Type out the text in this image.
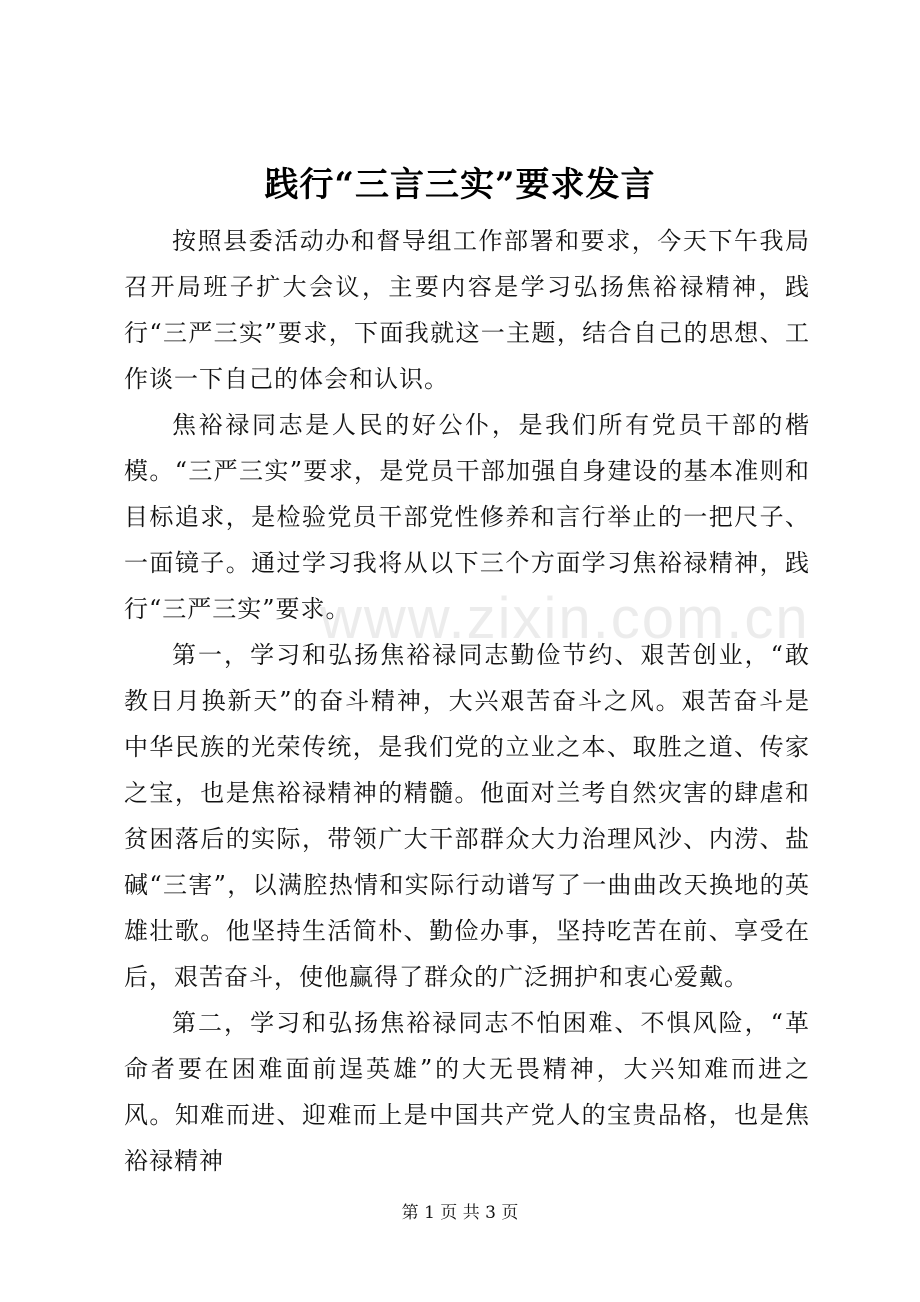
践行“三言三实”要求发言

按照县委活动办和督导组工作部署和要求，今天下午我局召开局班子扩大会议，主要内容是学习弘扬焦裕禄精神，践行“三严三实”要求，下面我就这一主题，结合自己的思想、工作谈一下自己的体会和认识。

焦裕禄同志是人民的好公仆，是我们所有党员干部的楷模。“三严三实”要求，是党员干部加强自身建设的基本准则和目标追求，是检验党员干部党性修养和言行举止的一把尺子、一面镜子。通过学习我将从以下三个方面学习焦裕禄精神，践行“三严三实”要求。

第一，学习和弘扬焦裕禄同志勤俭节约、艰苦创业，“敢教日月换新天”的奋斗精神，大兴艰苦奋斗之风。艰苦奋斗是中华民族的光荣传统，是我们党的立业之本、取胜之道、传家之宝，也是焦裕禄精神的精髓。他面对兰考自然灾害的肆虐和贫困落后的实际，带领广大干部群众大力治理风沙、内涝、盐碱“三害”，以满腔热情和实际行动谱写了一曲曲改天换地的英雄壮歌。他坚持生活简朴、勤俭办事，坚持吃苦在前、享受在后，艰苦奋斗，使他赢得了群众的广泛拥护和衷心爱戴。

第二，学习和弘扬焦裕禄同志不怕困难、不惧风险，“革命者要在困难面前逞英雄”的大无畏精神，大兴知难而进之风。知难而进、迎难而上是中国共产党人的宝贵品格，也是焦裕禄精神

www.zixin.com.cn
第 1 页 共 3 页
